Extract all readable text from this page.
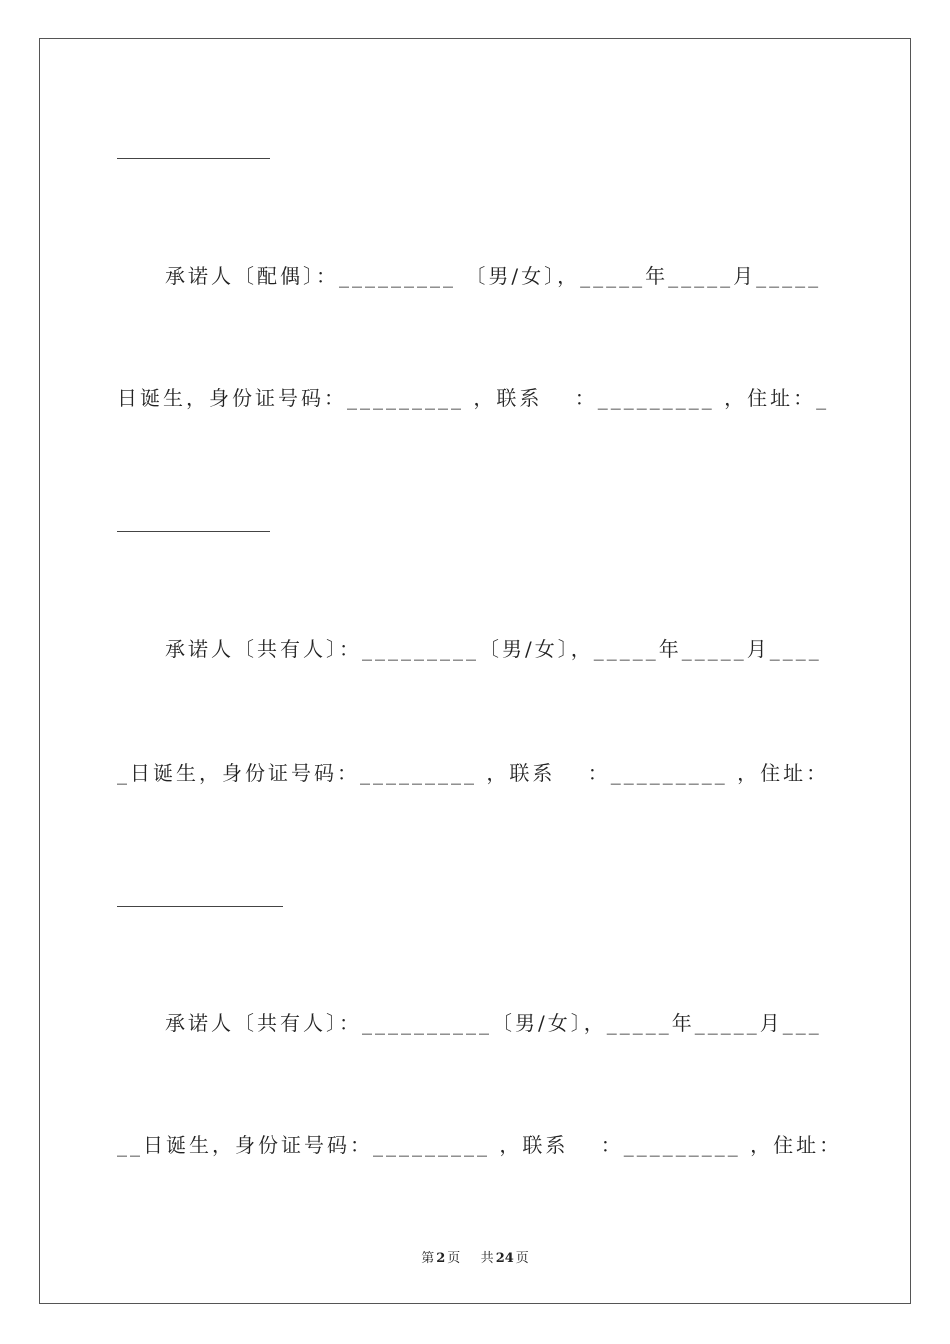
承诺人〔配偶〕：_________ 〔男/女〕，_____年_____月_____
日诞生，身份证号码：_________ ，联系　 ：_________ ，住址：_
承诺人〔共有人〕：_________〔男/女〕，_____年_____月____
_日诞生，身份证号码：_________ ，联系　 ：_________ ，住址：
承诺人〔共有人〕：__________〔男/女〕，_____年_____月___
__日诞生，身份证号码：_________ ，联系　 ：_________ ，住址：
第 2 页 共 24 页
